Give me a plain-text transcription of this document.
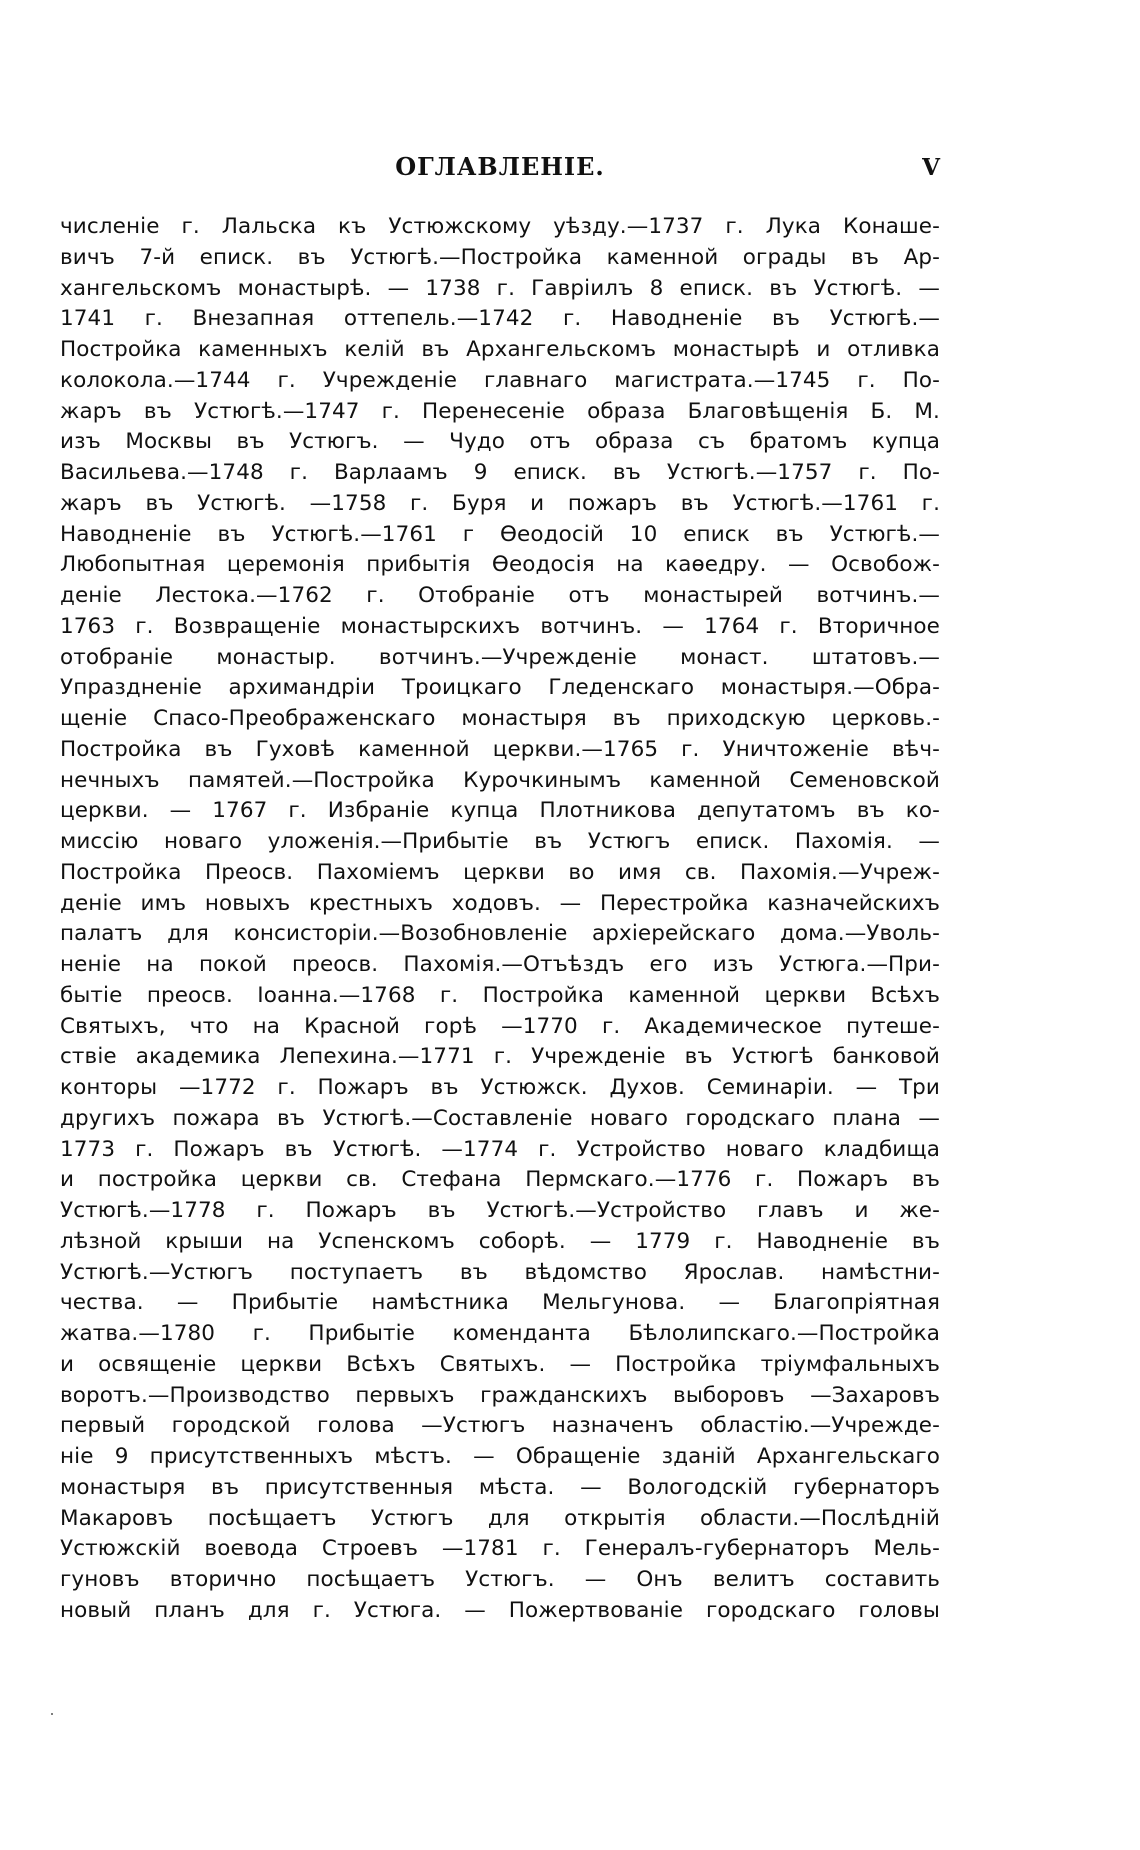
ОГЛАВЛЕНІЕ.	V
численіе г. Лальска къ Устюжскому уѣзду.—1737 г. Лука Конаше-
вичъ 7-й еписк. въ Устюгѣ.—Постройка каменной ограды въ Ар-
хангельскомъ монастырѣ. — 1738 г. Гавріилъ 8 еписк. въ Устюгѣ. —
1741 г. Внезапная оттепель.—1742 г. Наводненіе въ Устюгѣ.—
Постройка каменныхъ келій въ Архангельскомъ монастырѣ и отливка
колокола.—1744 г. Учрежденіе главнаго магистрата.—1745 г. По-
жаръ въ Устюгѣ.—1747 г. Перенесеніе образа Благовѣщенія Б. М.
изъ Москвы въ Устюгъ. — Чудо отъ образа съ братомъ купца
Васильева.—1748 г. Варлаамъ 9 еписк. въ Устюгѣ.—1757 г. По-
жаръ въ Устюгѣ. —1758 г. Буря и пожаръ въ Устюгѣ.—1761 г.
Наводненіе въ Устюгѣ.—1761 г Ѳеодосій 10 еписк въ Устюгѣ.—
Любопытная церемонія прибытія Ѳеодосія на каѳедру. — Освобож-
деніе Лестока.—1762 г. Отобраніе отъ монастырей вотчинъ.—
1763 г. Возвращеніе монастырскихъ вотчинъ. — 1764 г. Вторичное
отобраніе монастыр. вотчинъ.—Учрежденіе монаст. штатовъ.—
Упраздненіе архимандріи Троицкаго Гледенскаго монастыря.—Обра-
щеніе Спасо-Преображенскаго монастыря въ приходскую церковь.-
Постройка въ Гуховѣ каменной церкви.—1765 г. Уничтоженіе вѣч-
нечныхъ памятей.—Постройка Курочкинымъ каменной Семеновской
церкви. — 1767 г. Избраніе купца Плотникова депутатомъ въ ко-
миссію новаго уложенія.—Прибытіе въ Устюгъ еписк. Пахомія. —
Постройка Преосв. Пахоміемъ церкви во имя св. Пахомія.—Учреж-
деніе имъ новыхъ крестныхъ ходовъ. — Перестройка казначейскихъ
палатъ для консисторіи.—Возобновленіе архіерейскаго дома.—Уволь-
неніе на покой преосв. Пахомія.—Отъѣздъ его изъ Устюга.—При-
бытіе преосв. Іоанна.—1768 г. Постройка каменной церкви Всѣхъ
Святыхъ, что на Красной горѣ —1770 г. Академическое путеше-
ствіе академика Лепехина.—1771 г. Учрежденіе въ Устюгѣ банковой
конторы —1772 г. Пожаръ въ Устюжск. Духов. Семинаріи. — Три
другихъ пожара въ Устюгѣ.—Составленіе новаго городскаго плана —
1773 г. Пожаръ въ Устюгѣ. —1774 г. Устройство новаго кладбища
и постройка церкви св. Стефана Пермскаго.—1776 г. Пожаръ въ
Устюгѣ.—1778 г. Пожаръ въ Устюгѣ.—Устройство главъ и же-
лѣзной крыши на Успенскомъ соборѣ. — 1779 г. Наводненіе въ
Устюгѣ.—Устюгъ поступаетъ въ вѣдомство Ярослав. намѣстни-
чества. — Прибытіе намѣстника Мельгунова. — Благопріятная
жатва.—1780 г. Прибытіе коменданта Бѣлолипскаго.—Постройка
и освященіе церкви Всѣхъ Святыхъ. — Постройка тріумфальныхъ
воротъ.—Производство первыхъ гражданскихъ выборовъ —Захаровъ
первый городской голова —Устюгъ назначенъ областію.—Учрежде-
ніе 9 присутственныхъ мѣстъ. — Обращеніе зданій Архангельскаго
монастыря въ присутственныя мѣста. — Вологодскій губернаторъ
Макаровъ посѣщаетъ Устюгъ для открытія области.—Послѣдній
Устюжскій воевода Строевъ —1781 г. Генералъ-губернаторъ Мель-
гуновъ вторично посѣщаетъ Устюгъ. — Онъ велитъ составить
новый планъ для г. Устюга. — Пожертвованіе городскаго головы
